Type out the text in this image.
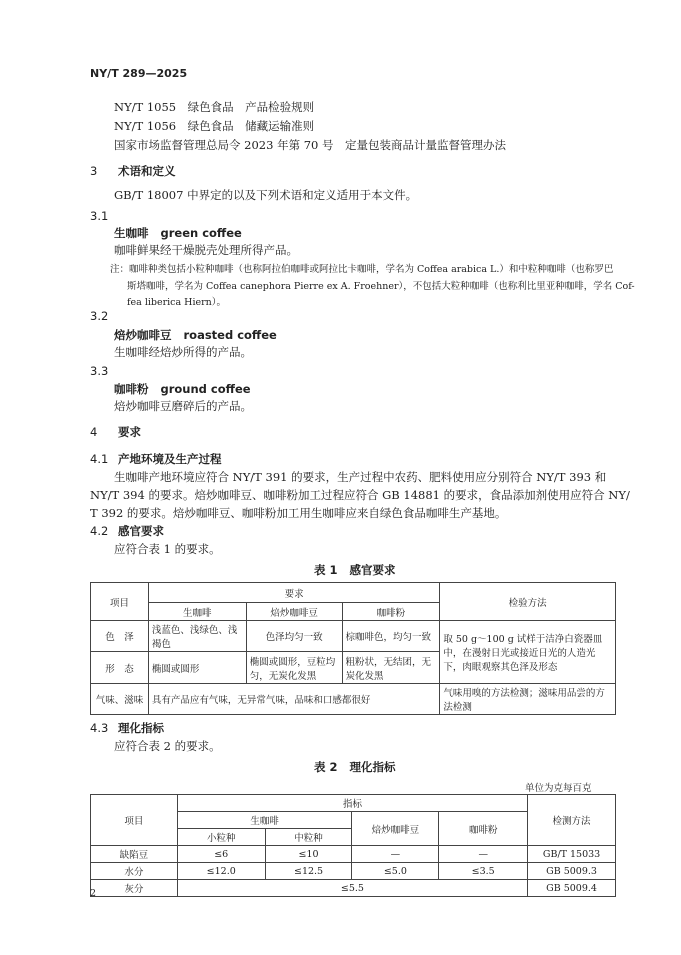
NY/T 289—2025
NY/T 1055　绿色食品　产品检验规则
NY/T 1056　绿色食品　储藏运输准则
国家市场监督管理总局令 2023 年第 70 号　定量包装商品计量监督管理办法
3 术语和定义
GB/T 18007 中界定的以及下列术语和定义适用于本文件。
3.1
生咖啡 green coffee
咖啡鲜果经干燥脱壳处理所得产品。
注：咖啡种类包括小粒种咖啡（也称阿拉伯咖啡或阿拉比卡咖啡，学名为 Coffea arabica L.）和中粒种咖啡（也称罗巴
斯塔咖啡，学名为 Coffea canephora Pierre ex A. Froehner），不包括大粒种咖啡（也称利比里亚种咖啡，学名 Cof-
fea liberica Hiern）。
3.2
焙炒咖啡豆 roasted coffee
生咖啡经焙炒所得的产品。
3.3
咖啡粉 ground coffee
焙炒咖啡豆磨碎后的产品。
4 要求
4.1 产地环境及生产过程
生咖啡产地环境应符合 NY/T 391 的要求，生产过程中农药、肥料使用应分别符合 NY/T 393 和
NY/T 394 的要求。焙炒咖啡豆、咖啡粉加工过程应符合 GB 14881 的要求，食品添加剂使用应符合 NY/
T 392 的要求。焙炒咖啡豆、咖啡粉加工用生咖啡应来自绿色食品咖啡生产基地。
4.2 感官要求
应符合表 1 的要求。
表 1 感官要求
项目	要求			检验方法
	生咖啡	焙炒咖啡豆	咖啡粉	
色　泽	浅蓝色、浅绿色、浅褐色	色泽均匀一致	棕咖啡色，均匀一致	取 50 g～100 g 试样于洁净白瓷器皿中，在漫射日光或接近日光的人造光下，肉眼观察其色泽及形态
形　态	椭圆或圆形	椭圆或圆形，豆粒均匀，无炭化发黑	粗粉状，无结团，无炭化发黑	
气味、滋味	具有产品应有气味，无异常气味，品味和口感都很好			气味用嗅的方法检测；滋味用品尝的方法检测
4.3 理化指标
应符合表 2 的要求。
表 2 理化指标
单位为克每百克
项目	指标				检测方法
	生咖啡		焙炒咖啡豆	咖啡粉	
	小粒种	中粒种			
缺陷豆	≤6	≤10	—	—	GB/T 15033
水分	≤12.0	≤12.5	≤5.0	≤3.5	GB 5009.3
灰分	≤5.5				GB 5009.4
2
